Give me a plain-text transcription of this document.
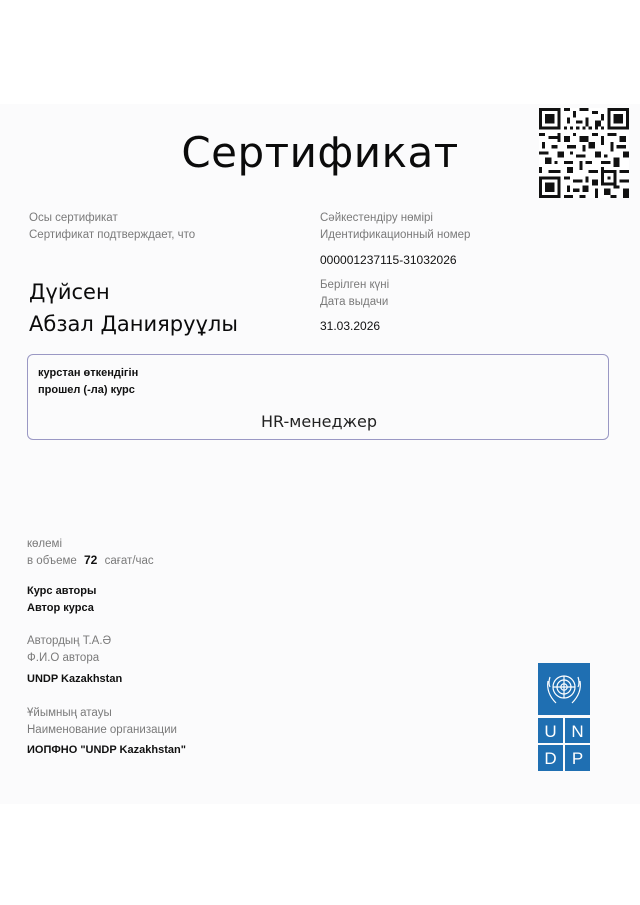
Сертификат
Осы сертификат
Сертификат подтверждает, что
Сәйкестендіру нөмірі
Идентификационный номер
000001237115-31032026
Берілген күні
Дата выдачи
31.03.2026
Дүйсен
Абзал Данияруұлы
курстан өткендігін
прошел (-ла) курс
HR-менеджер
көлемі
в объеме 72 сағат/час
Курс авторы
Автор курса
Автордың Т.А.Ә
Ф.И.О автора
UNDP Kazakhstan
Ұйымның атауы
Наименование организации
ИОПФНО "UNDP Kazakhstan"
U N
D P
